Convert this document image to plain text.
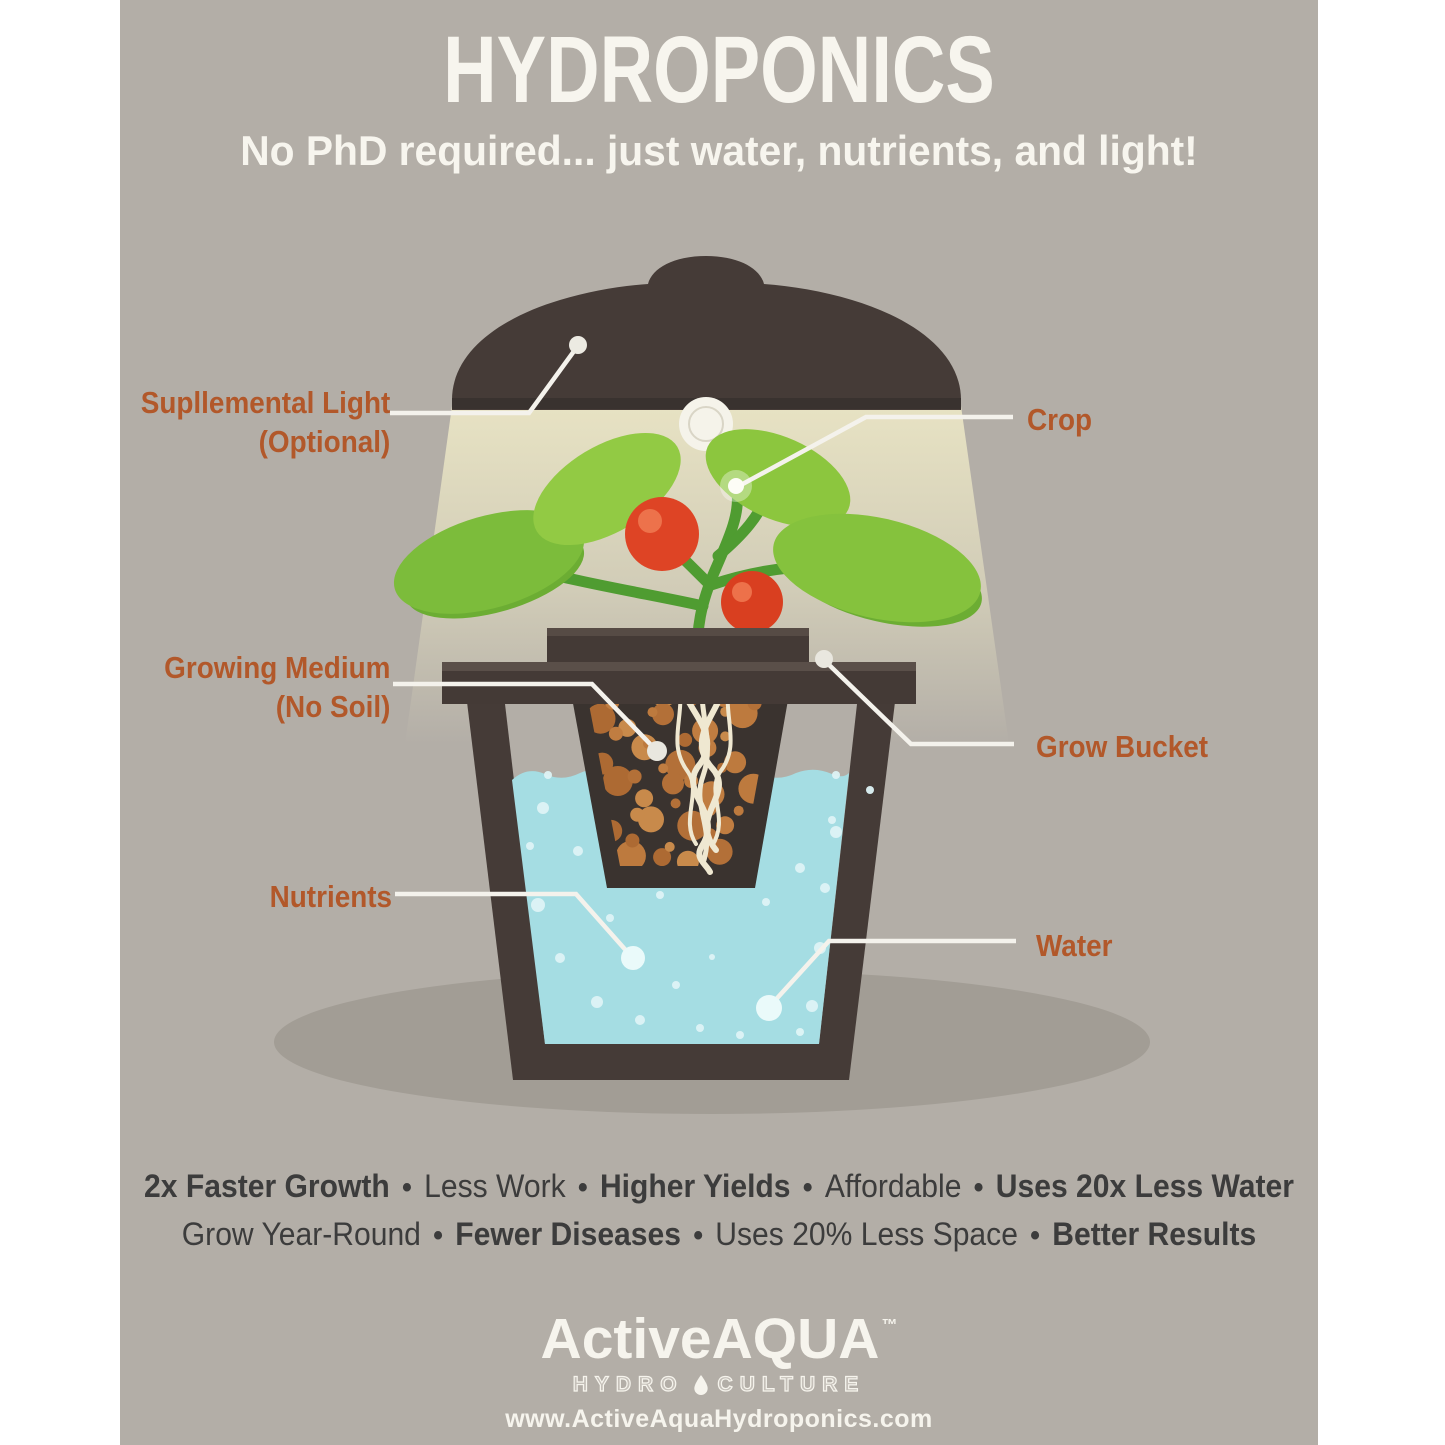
HYDROPONICS
No PhD required... just water, nutrients, and light!
Supllemental Light
(Optional)
Crop
Growing Medium
(No Soil)
Grow Bucket
Nutrients
Water
2x Faster Growth • Less Work • Higher Yields • Affordable • Uses 20x Less Water
Grow Year-Round • Fewer Diseases • Uses 20% Less Space • Better Results
ActiveAQUA ™
HYDRO CULTURE
www.ActiveAquaHydroponics.com
